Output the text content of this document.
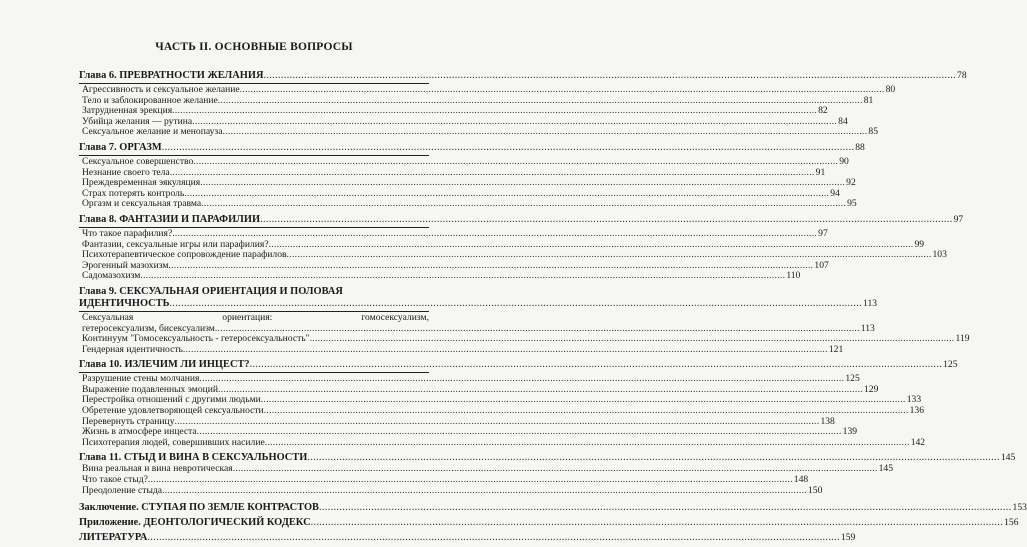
ЧАСТЬ II. ОСНОВНЫЕ ВОПРОСЫ
Глава 6. ПРЕВРАТНОСТИ ЖЕЛАНИЯ .....	78
Агрессивность и сексуальное желание .....	80
Тело и заблокированное желание .....	81
Затрудненная эрекция .....	82
Убийца желания — рутина .....	84
Сексуальное желание и менопауза .....	85
Глава 7. ОРГАЗМ .....	88
Сексуальное совершенство .....	90
Незнание своего тела .....	91
Преждевременная эякуляция .....	92
Страх потерять контроль .....	94
Оргазм и сексуальная травма .....	95
Глава 8. ФАНТАЗИИ И ПАРАФИЛИИ .....	97
Что такое парафилия? .....	97
Фантазии, сексуальные игры или парафилия? .....	99
Психотерапевтическое сопровождение парафилов .....	103
Эрогенный мазохизм .....	107
Садомазохизм .....	110
Глава 9. СЕКСУАЛЬНАЯ ОРИЕНТАЦИЯ И ПОЛОВАЯ
ИДЕНТИЧНОСТЬ .....	113
Сексуальная	ориентация:	гомосексуализм,
гетеросексуализм, бисексуализм .....	113
Континуум "Гомосексуальность - гетеросексуальность" .....	119
Гендерная идентичность .....	121
Глава 10. ИЗЛЕЧИМ ЛИ ИНЦЕСТ? .....	125
Разрушение стены молчания .....	125
Выражение подавленных эмоций .....	129
Перестройка отношений с другими людьми .....	133
Обретение удовлетворяющей сексуальности .....	136
Перевернуть страницу .....	138
Жизнь в атмосфере инцеста .....	139
Психотерапия людей, совершивших насилие .....	142
Глава 11. СТЫД И ВИНА В СЕКСУАЛЬНОСТИ .....	145
Вина реальная и вина невротическая .....	145
Что такое стыд? .....	148
Преодоление стыда .....	150
Заключение. СТУПАЯ ПО ЗЕМЛЕ КОНТРАСТОВ .....	153
Приложение. ДЕОНТОЛОГИЧЕСКИЙ КОДЕКС .....	156
ЛИТЕРАТУРА .....	159
